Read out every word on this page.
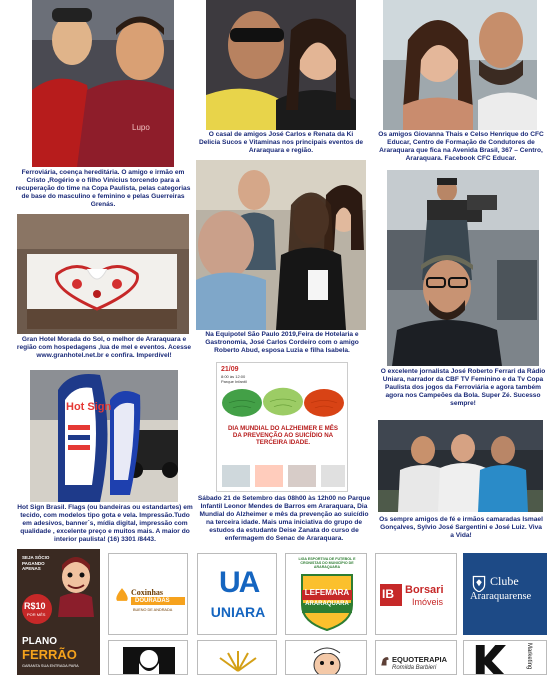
Lupo
Ferroviária, coença hereditária. O amigo e irmão em Cristo ,Rogério e o filho Vinicius torcendo para a recuperação do time na Copa Paulista, pelas categorias de base do masculino e feminino e pelas Guerreiras Grenás.
O casal de amigos José Carlos e Renata da Ki Delicia Sucos e Vitaminas nos principais eventos de Araraquara e região.
Os amigos Giovanna Thais e Celso Henrique do CFC Educar, Centro de Formação de Condutores de Araraquara que fica na Avenida Brasil, 367 – Centro, Araraquara. Facebook CFC Educar.
Gran Hotel Morada do Sol, o melhor de Araraquara e região com hospedagens ,lua de mel e eventos. Acesse www.granhotel.net.br e confira. Imperdível!
Na Equipotel São Paulo 2019,Feira de Hotelaria e Gastronomia, José Carlos Cordeiro com o amigo Roberto Abud, esposa Luzia e filha Isabela.
O excelente jornalista José Roberto Ferrari da Rádio Uniara, narrador da CBF TV Feminino e da Tv Copa Paulista dos jogos da Ferroviária e agora também agora nos Campeões da Bola. Super Zé. Sucesso sempre!
Hot Sign
21/09
8:00 às 12:00
Parque Infantil
DIA MUNDIAL DO ALZHEIMER E MÊS DA PREVENÇÃO AO SUICÍDIO NA TERCEIRA IDADE.
Hot Sign Brasil. Flags (ou bandeiras ou estandartes) em tecido, com modelos tipo gota e vela. Impressão.Tudo em adesivos, banner´s, mídia digital, impressão com qualidade , excelente preço e muitos mais. A maior do interior paulista! (16) 3301 /8443.
Sábado 21 de Setembro das 08h00 às 12h00 no Parque Infantil Leonor Mendes de Barros em Araraquara, Dia Mundial do Alzheimer e mês da prevenção ao suicídio na terceira idade. Mais uma iniciativa do grupo de estudos da estudante Deise Zanata do curso de enfermagem do Senac de Araraquara.
Os sempre amigos de fé e irmãos camaradas Ismael Gonçalves, Sylvio José Sargentini e José Luiz. Viva a Vida!
SEJA SÓCIO
PAGANDO APENAS
R$10
POR MÊS
PLANO
FERRÃO
GARANTA SUA ENTRADA PARA
Coxinhas
DOURADAS
BUENO DE ANDRADA
UA
UNIARA
LIGA ESPORTIVA DE FUTEBOL E CRONISTAS DO MUNICÍPIO DE ARARAQUARA
LEFEMARA
ARARAQUARA
IB Borsari
Imóveis
Clube
Araraquarense
EQUOTERAPIA
Romilda Barbieri	Marketing
